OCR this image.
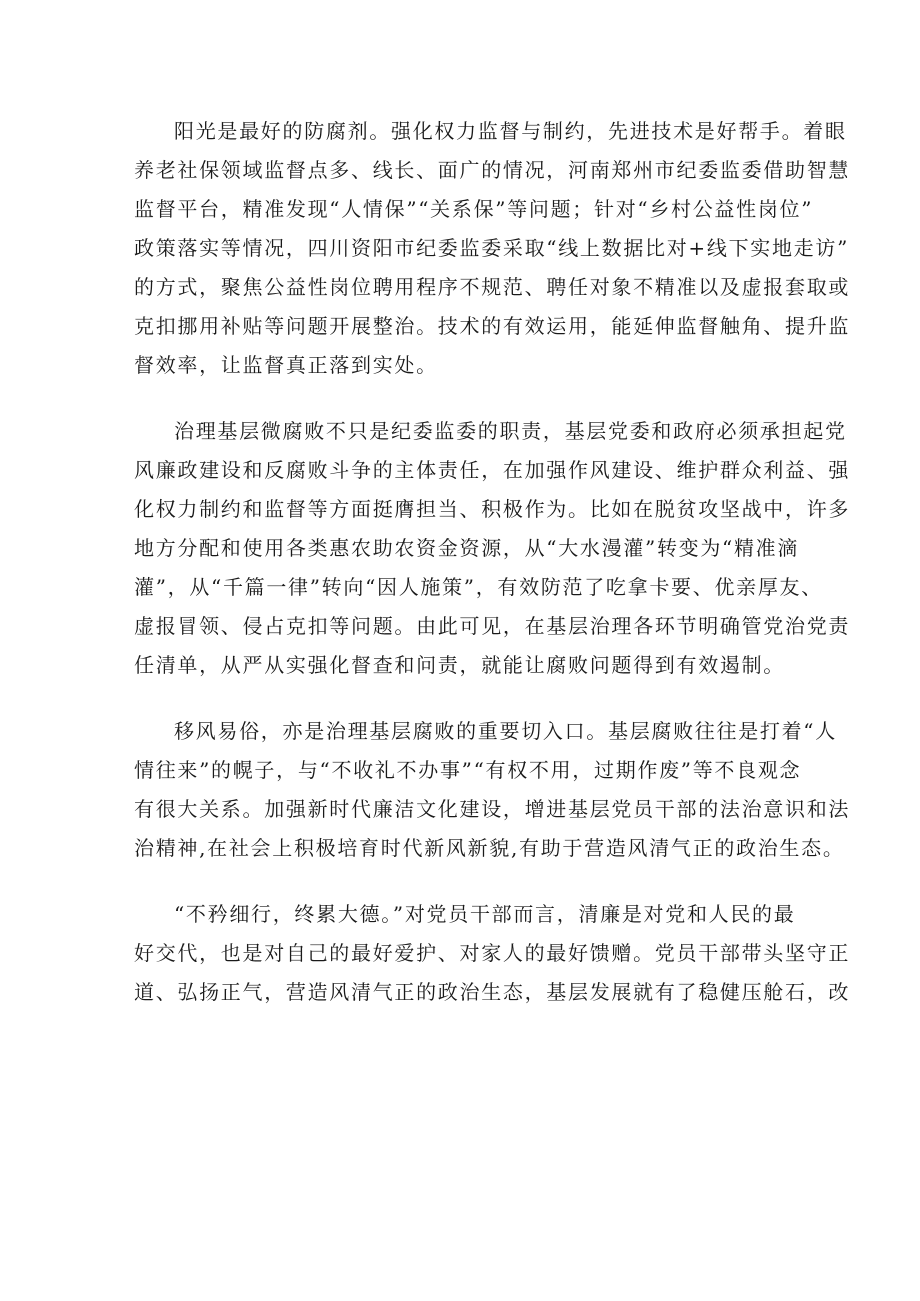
阳光是最好的防腐剂。强化权力监督与制约，先进技术是好帮手。着眼
养老社保领域监督点多、线长、面广的情况，河南郑州市纪委监委借助智慧
监督平台，精准发现“人情保”“关系保”等问题；针对“乡村公益性岗位”
政策落实等情况，四川资阳市纪委监委采取“线上数据比对+线下实地走访”
的方式，聚焦公益性岗位聘用程序不规范、聘任对象不精准以及虚报套取或
克扣挪用补贴等问题开展整治。技术的有效运用，能延伸监督触角、提升监
督效率，让监督真正落到实处。

治理基层微腐败不只是纪委监委的职责，基层党委和政府必须承担起党
风廉政建设和反腐败斗争的主体责任，在加强作风建设、维护群众利益、强
化权力制约和监督等方面挺膺担当、积极作为。比如在脱贫攻坚战中，许多
地方分配和使用各类惠农助农资金资源，从“大水漫灌”转变为“精准滴
灌”，从“千篇一律”转向“因人施策”，有效防范了吃拿卡要、优亲厚友、
虚报冒领、侵占克扣等问题。由此可见，在基层治理各环节明确管党治党责
任清单，从严从实强化督查和问责，就能让腐败问题得到有效遏制。

移风易俗，亦是治理基层腐败的重要切入口。基层腐败往往是打着“人
情往来”的幌子，与“不收礼不办事”“有权不用，过期作废”等不良观念
有很大关系。加强新时代廉洁文化建设，增进基层党员干部的法治意识和法
治精神,在社会上积极培育时代新风新貌,有助于营造风清气正的政治生态。

“不矜细行，终累大德。”对党员干部而言，清廉是对党和人民的最
好交代，也是对自己的最好爱护、对家人的最好馈赠。党员干部带头坚守正
道、弘扬正气，营造风清气正的政治生态，基层发展就有了稳健压舱石，改
